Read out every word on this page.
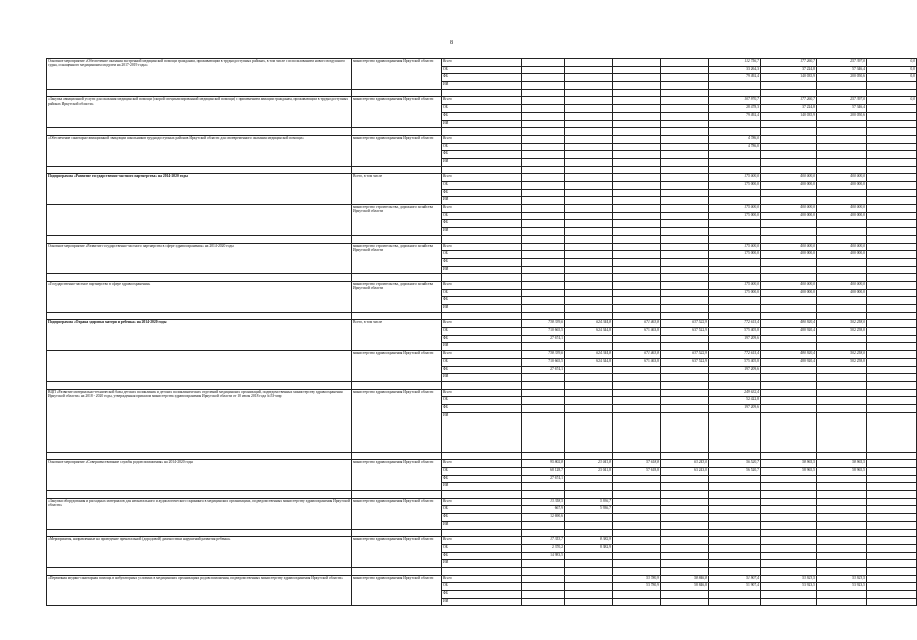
8
Основное мероприятие «Обеспечение оказания экстренной медицинской помощи гражданам, проживающим в труднодоступных районах, в том числе с использованием нового воздушного судна, оснащенного медицинским модулем на 2017-2019 годы»	министерство здравоохранения Иркутской области	Всего					112 756,7	177 260,7	257 397,0	0,0
		ОБ					33 264,3	37 224,8	57 346,4	0,0
		ФБ					79 492,4	140 035,9	200 050,6	0,0
		ИИ								

«Закупка авиационной услуги для оказания медицинской помощи (скорой специализированной медицинской помощи) с применением авиации гражданам, проживающим в труднодоступных районах Иркутской области»	министерство здравоохранения Иркутской области	Всего					107 970,7	177 260,7	257 397,0	0,0
		ОБ					28 478,3	37 224,8	57 346,4	
		ФБ					79 492,4	140 035,9	200 050,6	
		ИИ								

«Обеспечение санитарно-авиационной эвакуации школьников труднодоступных районов Иркутской области для своевременного оказания медицинской помощи»	министерство здравоохранения Иркутской области	Всего					4 786,0			
		ОБ					4 786,0			
		ФБ								
		ИИ								

Подпрограмма «Развитие государственно-частного партнерства» на 2014-2020 годы	Всего, в том числе	Всего					175 000,0	400 000,0	400 000,0	
		ОБ					175 000,0	400 000,0	400 000,0	
		ФБ								
		ИИ								
	министерство строительства, дорожного хозяйства Иркутской области	Всего					175 000,0	400 000,0	400 000,0	
		ОБ					175 000,0	400 000,0	400 000,0	
		ФБ								
		ИИ								

Основное мероприятие «Развитие государственно-частного партнерства в сфере здравоохранения» на 2014-2020 годы	министерство строительства, дорожного хозяйства Иркутской области	Всего					175 000,0	400 000,0	400 000,0	
		ОБ					175 000,0	400 000,0	400 000,0	
		ФБ								
		ИИ								

«Государственно-частное партнерство в сфере здравоохранения»	министерство строительства, дорожного хозяйства Иркутской области	Всего					175 000,0	400 000,0	400 000,0	
		ОБ					175 000,0	400 000,0	400 000,0	
		ФБ								
		ИИ								

Подпрограмма «Охрана здоровья матери и ребенка» на 2014-2020 годы	Всего, в том числе	Всего	738 339,6	624 344,8	671 463,8	637 522,9	772 615,4	480 920,4	502 258,0	
		ОБ	710 665,5	624 344,8	671 463,8	637 522,9	575 405,8	480 920,4	502 258,0	
		ФБ	27 674,1				197 209,6			
		ИИ								
	министерство здравоохранения Иркутской области	Всего	738 339,6	624 344,8	671 463,8	637 522,9	772 615,4	480 920,4	502 258,0	
		ОБ	710 665,5	624 344,8	671 463,8	637 522,9	575 405,8	480 920,4	502 258,0	
		ФБ	27 674,1				197 209,6			
		ИИ								

ВЦП «Развитие материально-технической базы детских поликлиник и детских поликлинических отделений медицинских организаций, подведомственных министерству здравоохранения Иркутской области» на 2018 - 2020 годы, утвержденная приказом министерства здравоохранения Иркутской области от 10 июля 2018 года №53-мпр	министерство здравоохранения Иркутской области	Всего					249 632,4			
		ОБ					52 422,8			
		ФБ					197 209,6			
		ИИ								

Основное мероприятие «Совершенствование службы родовспоможения» на 2014-2020 годы	министерство здравоохранения Иркутской области	Всего	95 802,8	23 041,8	57 618,8	63 243,0	56 520,7	58 965,5	58 965,5	
		ОБ	68 128,7	23 041,8	57 618,8	63 243,0	56 520,7	58 965,5	58 965,5	
		ФБ	27 674,1							
		ИИ								

«Закупки оборудования и расходных материалов для неонатального и аудиологического скрининга в медицинских организациях, подведомственных министерству здравоохранения Иркутской области»	министерство здравоохранения Иркутской области	Всего	13 358,5	5 936,7						
		ОБ	667,9	5 936,7						
		ФБ	12 690,6							
		ИИ								

«Мероприятия, направленные на проведение пренатальной (дородовой) диагностики нарушений развития ребенка»	министерство здравоохранения Иркутской области	Всего	17 353,7	8 382,9						
		ОБ	2 370,2	8 382,9						
		ФБ	14 983,5							
		ИИ								

«Первичная медико-санитарная помощь в амбулаторных условиях в медицинских организациях родовспоможения, подведомственных министерству здравоохранения Иркутской области»	министерство здравоохранения Иркутской области	Всего			53 780,9	58 846,8	51 907,4	53 923,5	53 923,5	
		ОБ			53 780,9	58 846,8	51 907,4	53 923,5	53 923,5	
		ФБ								
		ИИ								
